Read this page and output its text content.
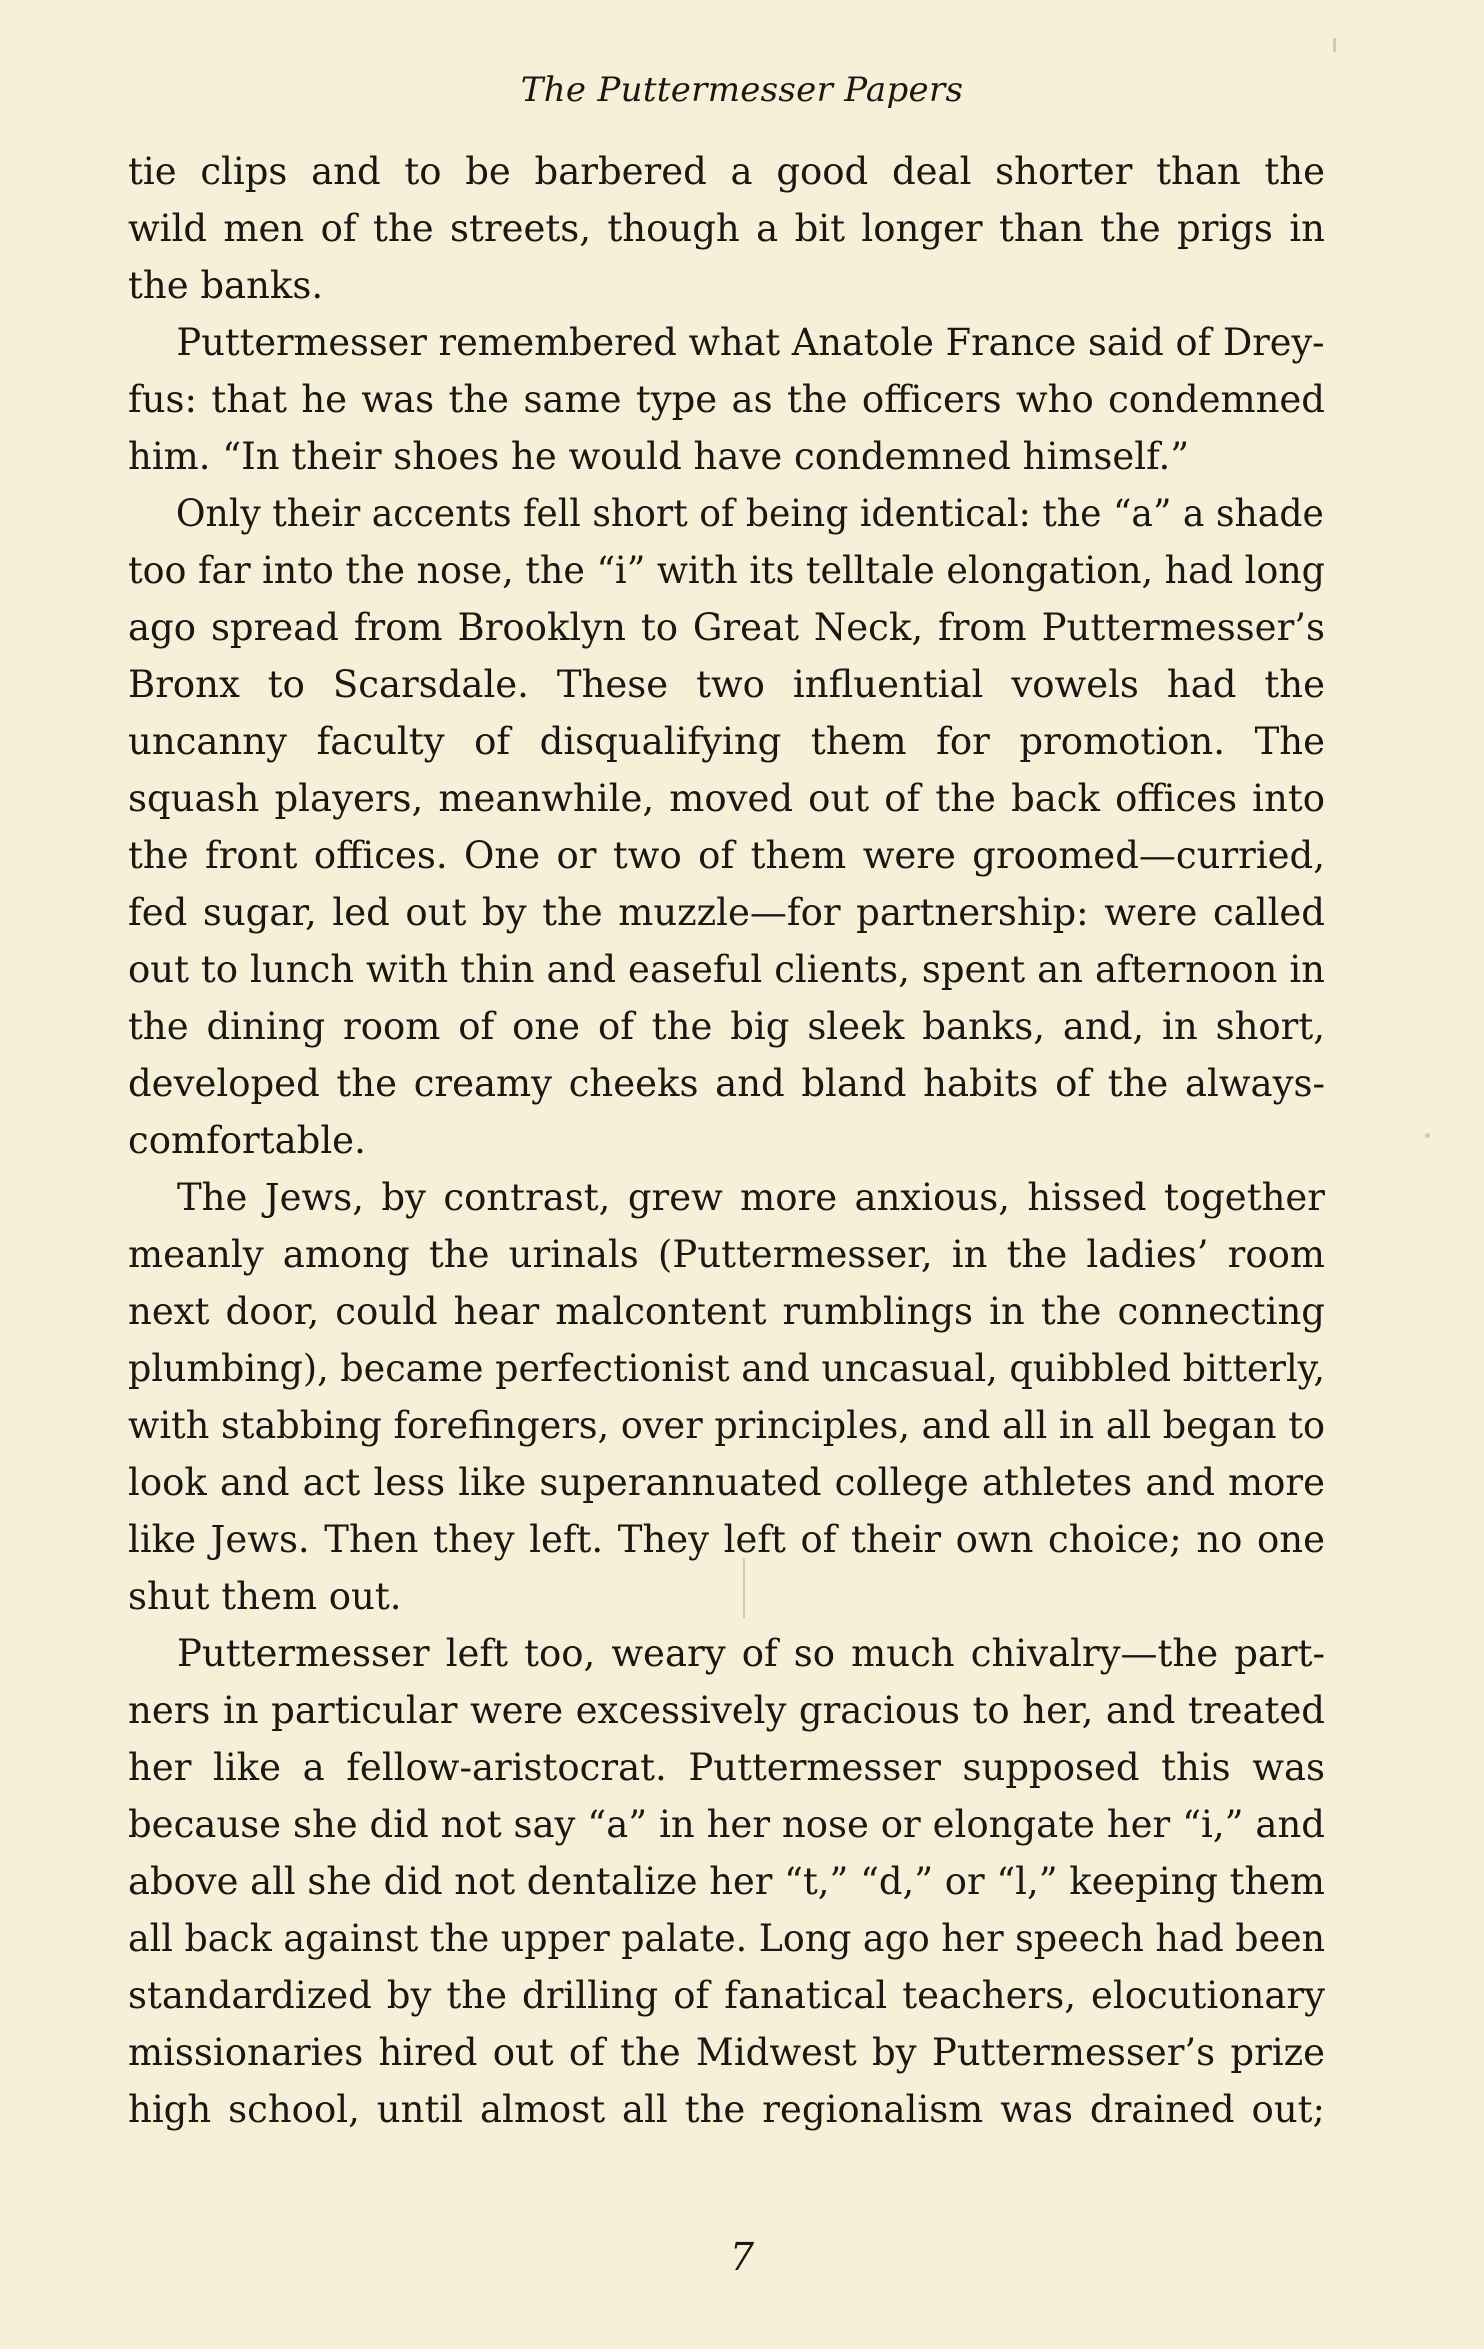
The Puttermesser Papers
tie clips and to be barbered a good deal shorter than the
wild men of the streets, though a bit longer than the prigs in
the banks.
Puttermesser remembered what Anatole France said of Drey-
fus: that he was the same type as the officers who condemned
him. “In their shoes he would have condemned himself.”
Only their accents fell short of being identical: the “a” a shade
too far into the nose, the “i” with its telltale elongation, had long
ago spread from Brooklyn to Great Neck, from Puttermesser’s
Bronx to Scarsdale. These two influential vowels had the
uncanny faculty of disqualifying them for promotion. The
squash players, meanwhile, moved out of the back offices into
the front offices. One or two of them were groomed—curried,
fed sugar, led out by the muzzle—for partnership: were called
out to lunch with thin and easeful clients, spent an afternoon in
the dining room of one of the big sleek banks, and, in short,
developed the creamy cheeks and bland habits of the always-
comfortable.
The Jews, by contrast, grew more anxious, hissed together
meanly among the urinals (Puttermesser, in the ladies’ room
next door, could hear malcontent rumblings in the connecting
plumbing), became perfectionist and uncasual, quibbled bitterly,
with stabbing forefingers, over principles, and all in all began to
look and act less like superannuated college athletes and more
like Jews. Then they left. They left of their own choice; no one
shut them out.
Puttermesser left too, weary of so much chivalry—the part-
ners in particular were excessively gracious to her, and treated
her like a fellow-aristocrat. Puttermesser supposed this was
because she did not say “a” in her nose or elongate her “i,” and
above all she did not dentalize her “t,” “d,” or “l,” keeping them
all back against the upper palate. Long ago her speech had been
standardized by the drilling of fanatical teachers, elocutionary
missionaries hired out of the Midwest by Puttermesser’s prize
high school, until almost all the regionalism was drained out;
7
